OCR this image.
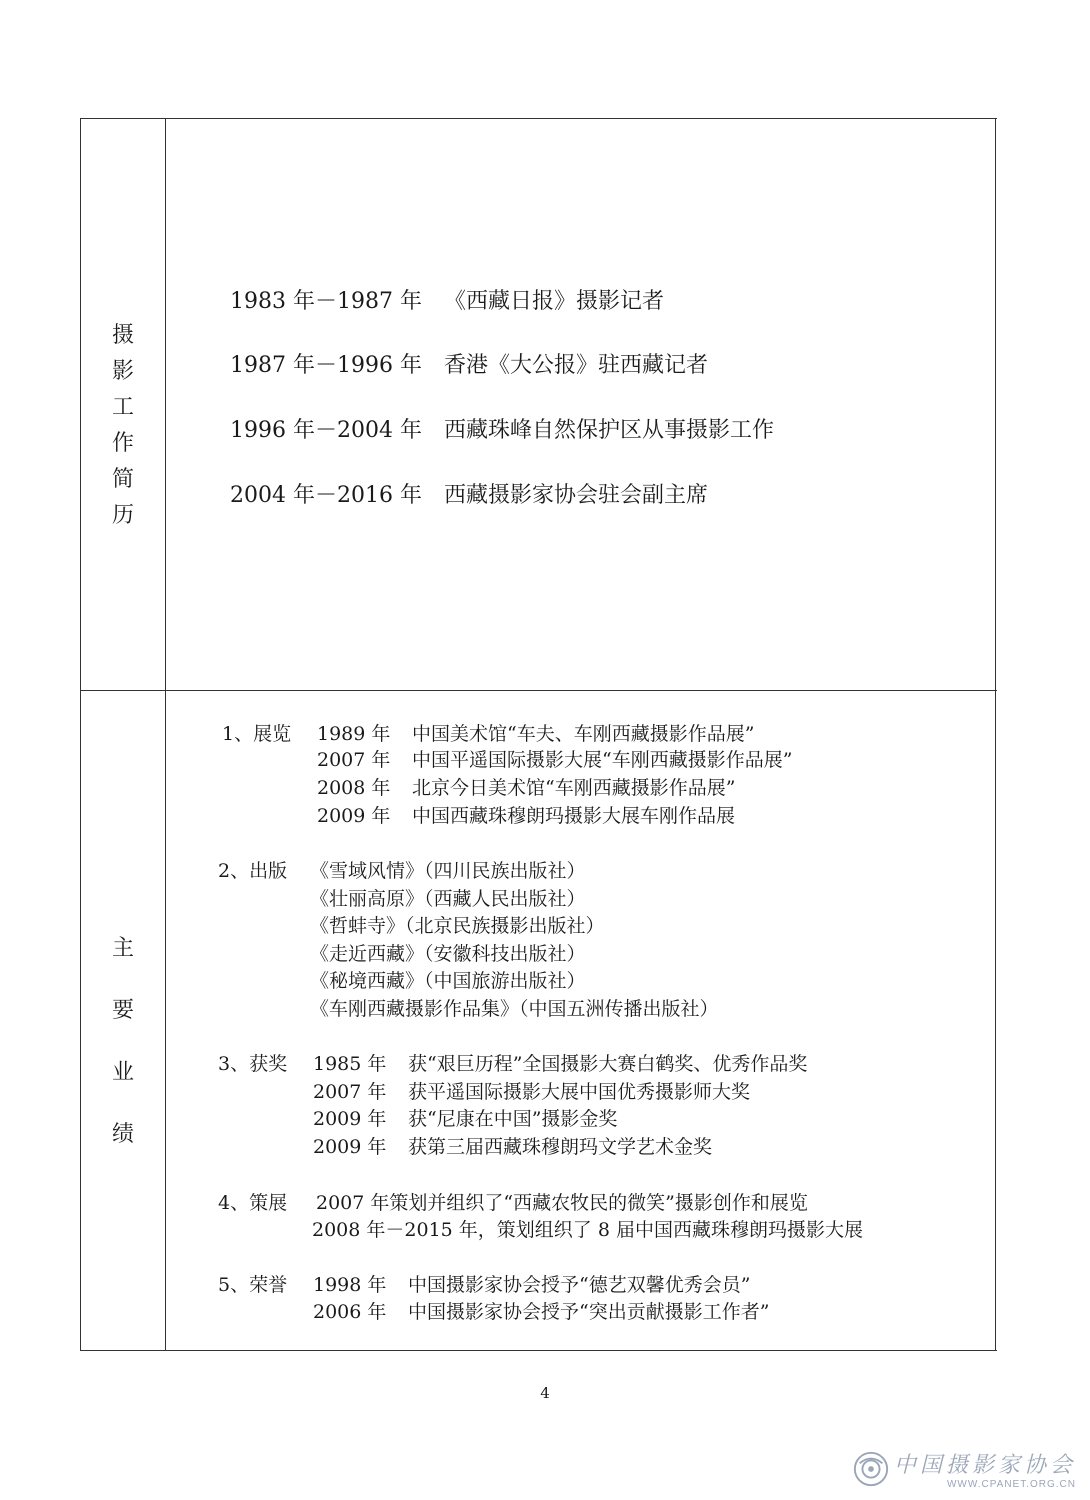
摄
影
工
作
简
历
1983 年－1987 年 《西藏日报》摄影记者
1987 年－1996 年 香港《大公报》驻西藏记者
1996 年－2004 年 西藏珠峰自然保护区从事摄影工作
2004 年－2016 年 西藏摄影家协会驻会副主席
主
要
业
绩
1、展览 1989 年 中国美术馆“车夫、车刚西藏摄影作品展”
2007 年 中国平遥国际摄影大展“车刚西藏摄影作品展”
2008 年 北京今日美术馆“车刚西藏摄影作品展”
2009 年 中国西藏珠穆朗玛摄影大展车刚作品展
2、出版 《雪域风情》（四川民族出版社）
《壮丽高原》（西藏人民出版社）
《哲蚌寺》（北京民族摄影出版社）
《走近西藏》（安徽科技出版社）
《秘境西藏》（中国旅游出版社）
《车刚西藏摄影作品集》（中国五洲传播出版社）
3、获奖 1985 年 获“艰巨历程”全国摄影大赛白鹤奖、优秀作品奖
2007 年 获平遥国际摄影大展中国优秀摄影师大奖
2009 年 获“尼康在中国”摄影金奖
2009 年 获第三届西藏珠穆朗玛文学艺术金奖
4、策展 2007 年策划并组织了“西藏农牧民的微笑”摄影创作和展览
2008 年－2015 年，策划组织了 8 届中国西藏珠穆朗玛摄影大展
5、荣誉 1998 年 中国摄影家协会授予“德艺双馨优秀会员”
2006 年 中国摄影家协会授予“突出贡献摄影工作者”
4
中国摄影家协会
WWW.CPANET.ORG.CN
